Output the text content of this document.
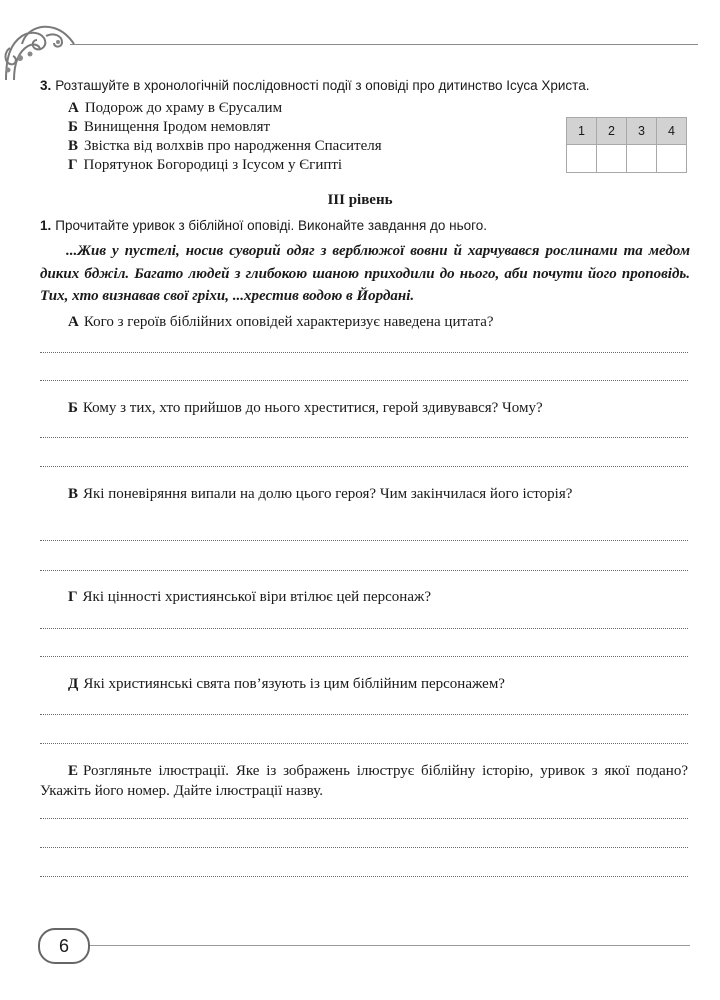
3. Розташуйте в хронологічній послідовності події з оповіді про дитинство Ісуса Христа.
А Подорож до храму в Єрусалим
Б Винищення Іродом немовлят
В Звістка від волхвів про народження Спасителя
Г Порятунок Богородиці з Ісусом у Єгипті
1	2	3	4

ІІІ рівень
1. Прочитайте уривок з біблійної оповіді. Виконайте завдання до нього.
...Жив у пустелі, носив суворий одяг з верблюжої вовни й харчувався рослинами та медом диких бджіл. Багато людей з глибокою шаною приходили до нього, аби почути його проповідь. Тих, хто визнавав свої гріхи, ...хрестив водою в Йордані.
А Кого з героїв біблійних оповідей характеризує наведена цитата?
Б Кому з тих, хто прийшов до нього хреститися, герой здивувався? Чому?
В Які поневіряння випали на долю цього героя? Чим закінчилася його історія?
Г Які цінності християнської віри втілює цей персонаж?
Д Які християнські свята пов’язують із цим біблійним персонажем?
Е Розгляньте ілюстрації. Яке із зображень ілюструє біблійну історію, уривок з якої подано? Укажіть його номер. Дайте ілюстрації назву.
6
